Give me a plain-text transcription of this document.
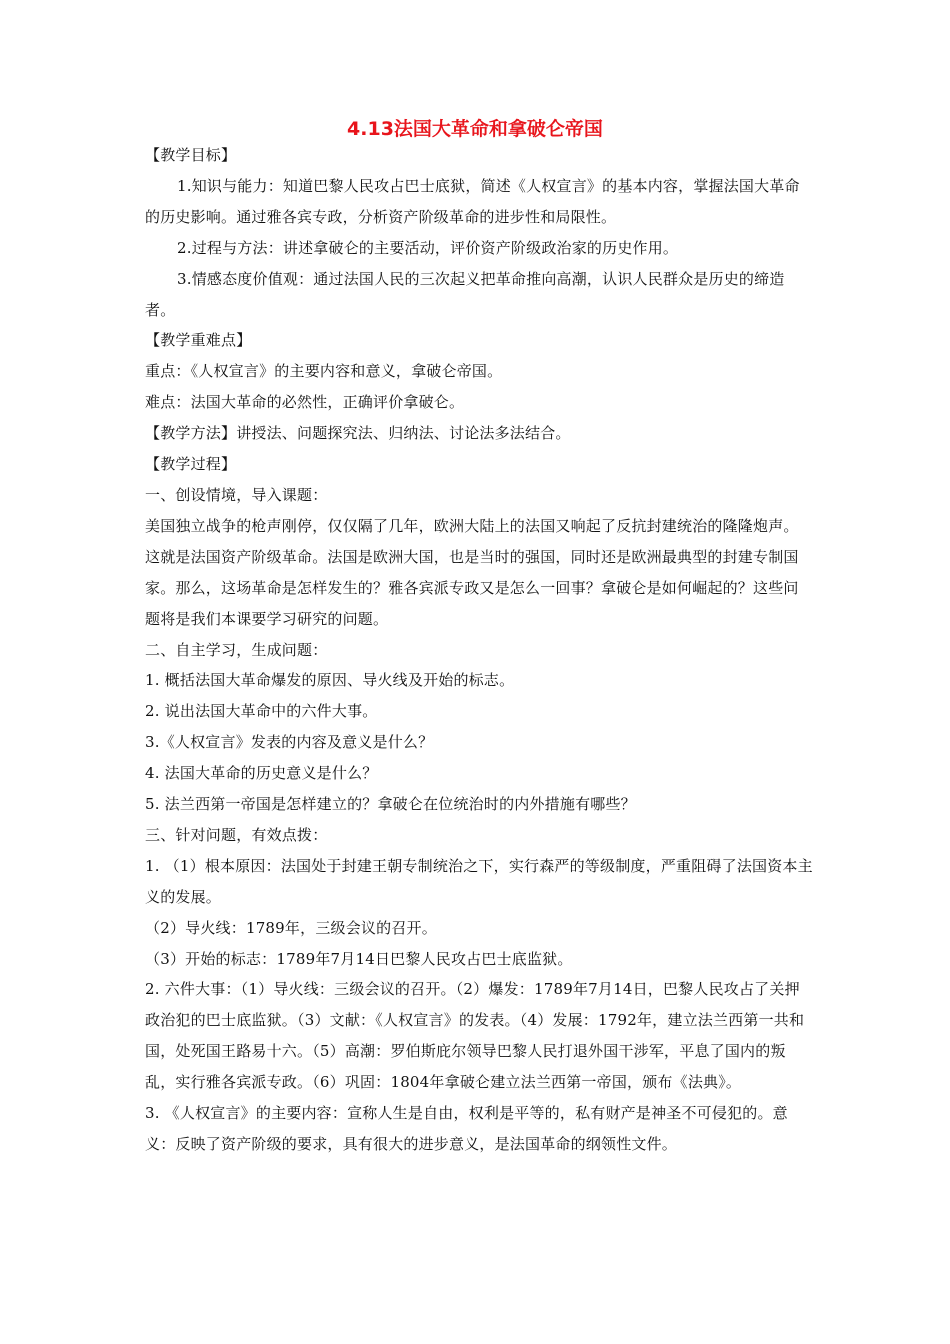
4.13法国大革命和拿破仑帝国

【教学目标】

1.知识与能力：知道巴黎人民攻占巴士底狱，简述《人权宣言》的基本内容，掌握法国大革命的历史影响。通过雅各宾专政，分析资产阶级革命的进步性和局限性。

2.过程与方法：讲述拿破仑的主要活动，评价资产阶级政治家的历史作用。

3.情感态度价值观：通过法国人民的三次起义把革命推向高潮，认识人民群众是历史的缔造者。

【教学重难点】

重点：《人权宣言》的主要内容和意义，拿破仑帝国。

难点：法国大革命的必然性，正确评价拿破仑。

【教学方法】讲授法、问题探究法、归纳法、讨论法多法结合。

【教学过程】

一、创设情境，导入课题：

美国独立战争的枪声刚停，仅仅隔了几年，欧洲大陆上的法国又响起了反抗封建统治的隆隆炮声。这就是法国资产阶级革命。法国是欧洲大国，也是当时的强国，同时还是欧洲最典型的封建专制国家。那么，这场革命是怎样发生的？雅各宾派专政又是怎么一回事？拿破仑是如何崛起的？这些问题将是我们本课要学习研究的问题。

二、自主学习，生成问题：

1. 概括法国大革命爆发的原因、导火线及开始的标志。

2. 说出法国大革命中的六件大事。

3.《人权宣言》发表的内容及意义是什么？

4. 法国大革命的历史意义是什么？

5. 法兰西第一帝国是怎样建立的？拿破仑在位统治时的内外措施有哪些？

三、针对问题，有效点拨：

1. （1）根本原因：法国处于封建王朝专制统治之下，实行森严的等级制度，严重阻碍了法国资本主义的发展。

（2）导火线：1789年，三级会议的召开。

（3）开始的标志：1789年7月14日巴黎人民攻占巴士底监狱。

2. 六件大事：（1）导火线：三级会议的召开。（2）爆发：1789年7月14日，巴黎人民攻占了关押政治犯的巴士底监狱。（3）文献：《人权宣言》的发表。（4）发展：1792年，建立法兰西第一共和国，处死国王路易十六。（5）高潮：罗伯斯庇尔领导巴黎人民打退外国干涉军，平息了国内的叛乱，实行雅各宾派专政。（6）巩固：1804年拿破仑建立法兰西第一帝国，颁布《法典》。

3. 《人权宣言》的主要内容：宣称人生是自由，权利是平等的，私有财产是神圣不可侵犯的。意义：反映了资产阶级的要求，具有很大的进步意义，是法国革命的纲领性文件。
